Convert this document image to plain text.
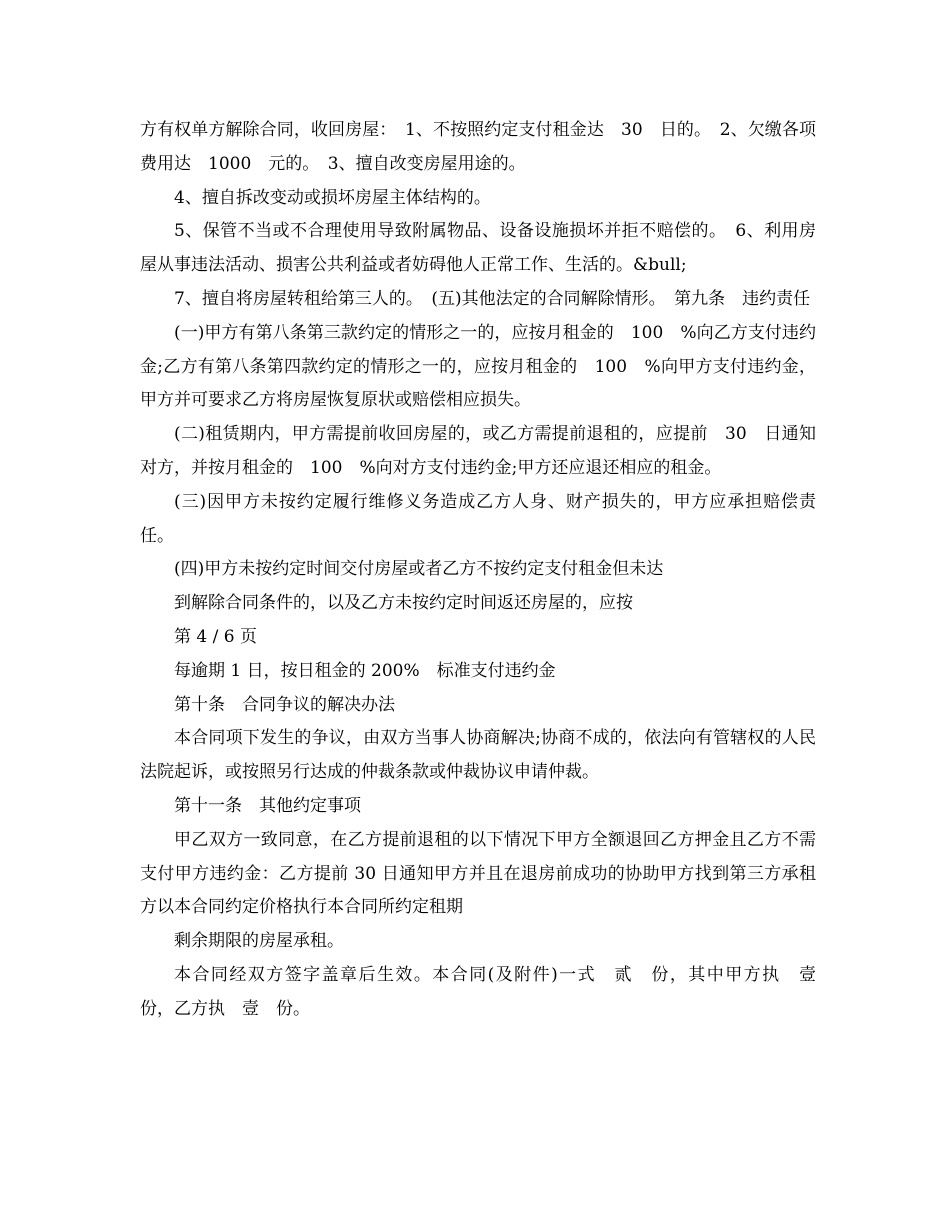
方有权单方解除合同，收回房屋：　1、不按照约定支付租金达　30　日的。　2、欠缴各项费用达　1000　元的。　3、擅自改变房屋用途的。

4、擅自拆改变动或损坏房屋主体结构的。

5、保管不当或不合理使用导致附属物品、设备设施损坏并拒不赔偿的。　6、利用房屋从事违法活动、损害公共利益或者妨碍他人正常工作、生活的。&bull;

7、擅自将房屋转租给第三人的。　(五)其他法定的合同解除情形。　第九条　违约责任

(一)甲方有第八条第三款约定的情形之一的，应按月租金的　100　%向乙方支付违约金;乙方有第八条第四款约定的情形之一的，应按月租金的　100　%向甲方支付违约金，甲方并可要求乙方将房屋恢复原状或赔偿相应损失。

(二)租赁期内，甲方需提前收回房屋的，或乙方需提前退租的，应提前　30　日通知对方，并按月租金的　100　%向对方支付违约金;甲方还应退还相应的租金。

(三)因甲方未按约定履行维修义务造成乙方人身、财产损失的，甲方应承担赔偿责任。

(四)甲方未按约定时间交付房屋或者乙方不按约定支付租金但未达

到解除合同条件的，以及乙方未按约定时间返还房屋的，应按

第 4 / 6 页

每逾期 1 日，按日租金的 200%　标准支付违约金

第十条　合同争议的解决办法

本合同项下发生的争议，由双方当事人协商解决;协商不成的，依法向有管辖权的人民法院起诉，或按照另行达成的仲裁条款或仲裁协议申请仲裁。

第十一条　其他约定事项

甲乙双方一致同意，在乙方提前退租的以下情况下甲方全额退回乙方押金且乙方不需支付甲方违约金：乙方提前 30 日通知甲方并且在退房前成功的协助甲方找到第三方承租方以本合同约定价格执行本合同所约定租期

剩余期限的房屋承租。

本合同经双方签字盖章后生效。本合同(及附件)一式　贰　份，其中甲方执　壹　份，乙方执　壹　份。
